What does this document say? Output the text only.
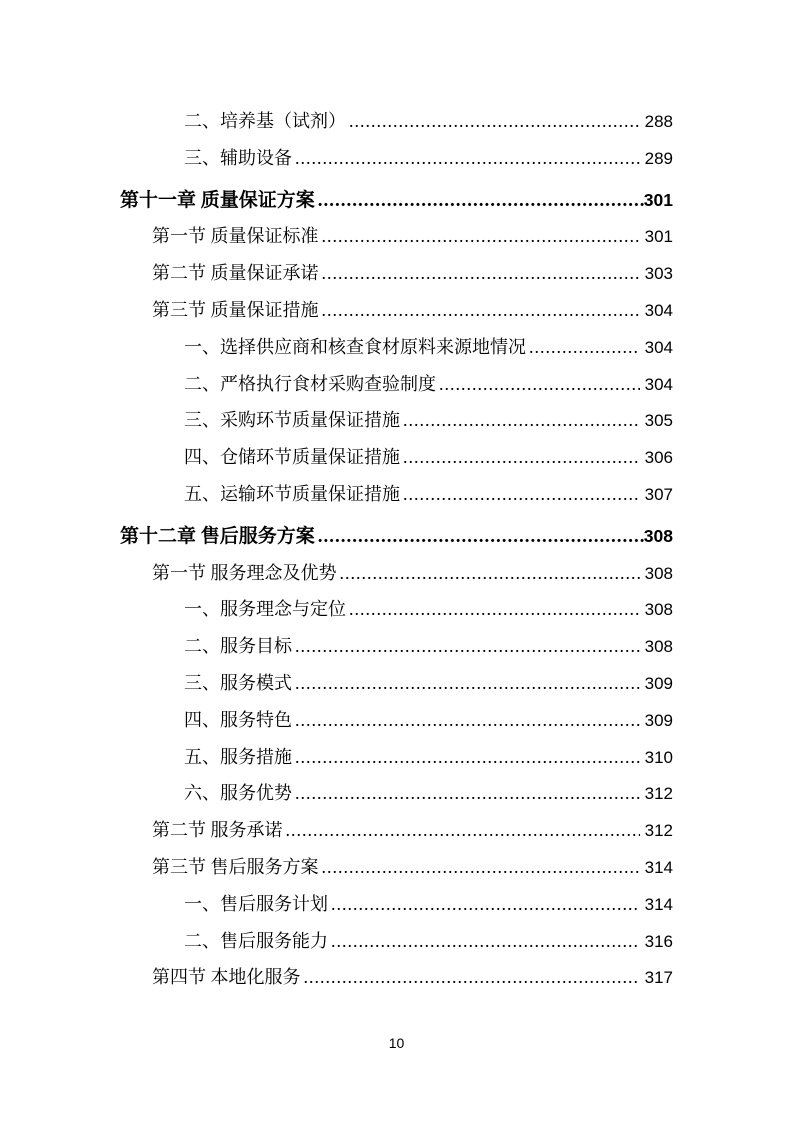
二、培养基（试剂） .....	288
三、辅助设备 .....	289
第十一章 质量保证方案 .....	301
第一节 质量保证标准 .....	301
第二节 质量保证承诺 .....	303
第三节 质量保证措施 .....	304
一、选择供应商和核查食材原料来源地情况 .....	304
二、严格执行食材采购查验制度 .....	304
三、采购环节质量保证措施 .....	305
四、仓储环节质量保证措施 .....	306
五、运输环节质量保证措施 .....	307
第十二章 售后服务方案 .....	308
第一节 服务理念及优势 .....	308
一、服务理念与定位 .....	308
二、服务目标 .....	308
三、服务模式 .....	309
四、服务特色 .....	309
五、服务措施 .....	310
六、服务优势 .....	312
第二节 服务承诺 .....	312
第三节 售后服务方案 .....	314
一、售后服务计划 .....	314
二、售后服务能力 .....	316
第四节 本地化服务 .....	317
10
